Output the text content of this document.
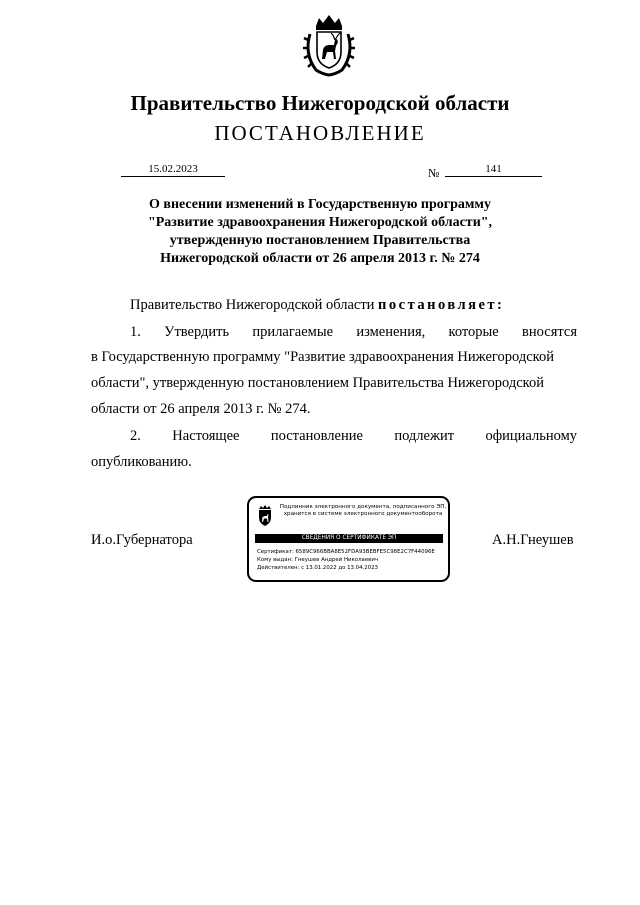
Правительство Нижегородской области
ПОСТАНОВЛЕНИЕ
15.02.2023	№	141
О внесении изменений в Государственную программу
"Развитие здравоохранения Нижегородской области",
утвержденную постановлением Правительства
Нижегородской области от 26 апреля 2013 г. № 274
Правительство Нижегородской области постановляет:
1. Утвердить прилагаемые изменения, которые вносятся
в Государственную программу "Развитие здравоохранения Нижегородской
области", утвержденную постановлением Правительства Нижегородской
области от 26 апреля 2013 г. № 274.
2. Настоящее постановление подлежит официальному
опубликованию.
И.о.Губернатора	А.Н.Гнеушев
Подлинник электронного документа, подписанного ЭП,
хранится в системе электронного документооборота
СВЕДЕНИЯ О СЕРТИФИКАТЕ ЭП
Сертификат: 6589C966BBA8E52FDA93BEBFE5C98E2C7F44096E
Кому выдан: Гнеушев Андрей Николаевич
Действителен: с 13.01.2022 до 13.04.2023
